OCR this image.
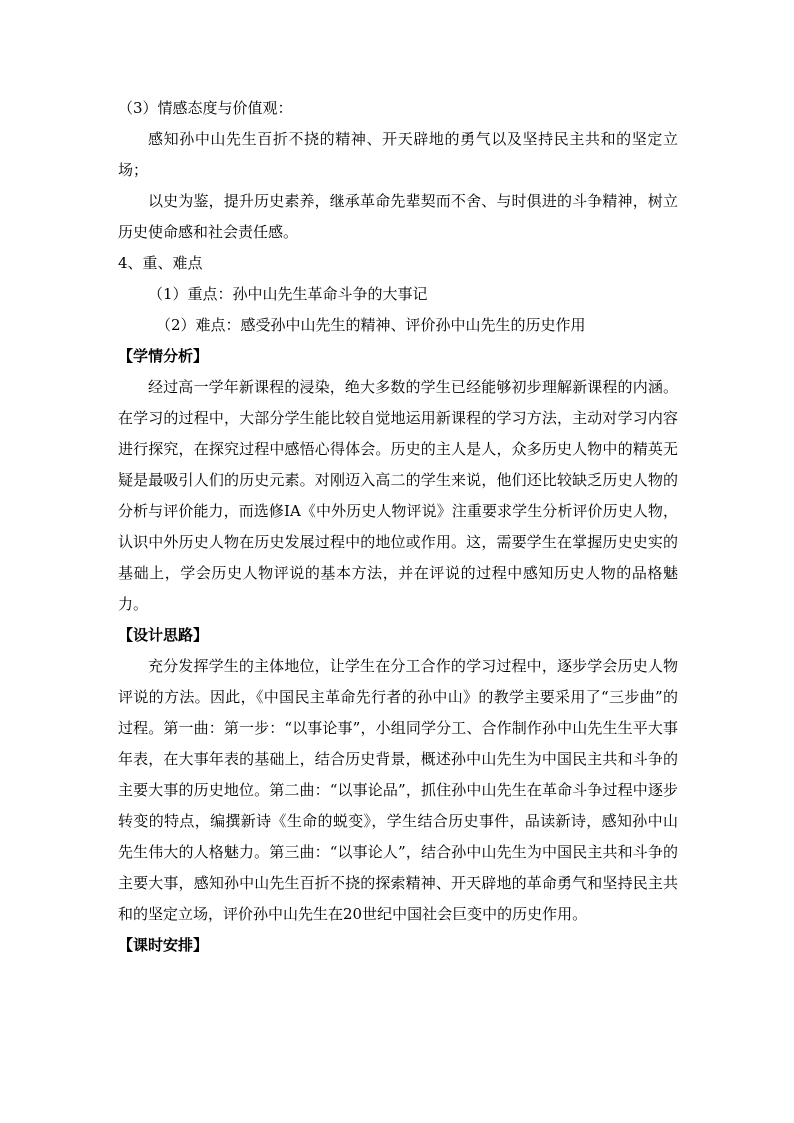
（3）情感态度与价值观：

感知孙中山先生百折不挠的精神、开天辟地的勇气以及坚持民主共和的坚定立场；

以史为鉴，提升历史素养，继承革命先辈契而不舍、与时俱进的斗争精神，树立历史使命感和社会责任感。

4、重、难点
（1）重点：孙中山先生革命斗争的大事记
（2）难点：感受孙中山先生的精神、评价孙中山先生的历史作用
【学情分析】

经过高一学年新课程的浸染，绝大多数的学生已经能够初步理解新课程的内涵。在学习的过程中，大部分学生能比较自觉地运用新课程的学习方法，主动对学习内容进行探究，在探究过程中感悟心得体会。历史的主人是人，众多历史人物中的精英无疑是最吸引人们的历史元素。对刚迈入高二的学生来说，他们还比较缺乏历史人物的分析与评价能力，而选修ⅠA《中外历史人物评说》注重要求学生分析评价历史人物，认识中外历史人物在历史发展过程中的地位或作用。这，需要学生在掌握历史史实的基础上，学会历史人物评说的基本方法，并在评说的过程中感知历史人物的品格魅力。

【设计思路】

充分发挥学生的主体地位，让学生在分工合作的学习过程中，逐步学会历史人物评说的方法。因此，《中国民主革命先行者的孙中山》的教学主要采用了“三步曲”的过程。第一曲：第一步：“以事论事”，小组同学分工、合作制作孙中山先生生平大事年表，在大事年表的基础上，结合历史背景，概述孙中山先生为中国民主共和斗争的主要大事的历史地位。第二曲：“以事论品”，抓住孙中山先生在革命斗争过程中逐步转变的特点，编撰新诗《生命的蜕变》，学生结合历史事件，品读新诗，感知孙中山先生伟大的人格魅力。第三曲：“以事论人”，结合孙中山先生为中国民主共和斗争的主要大事，感知孙中山先生百折不挠的探索精神、开天辟地的革命勇气和坚持民主共和的坚定立场，评价孙中山先生在20世纪中国社会巨变中的历史作用。

【课时安排】
